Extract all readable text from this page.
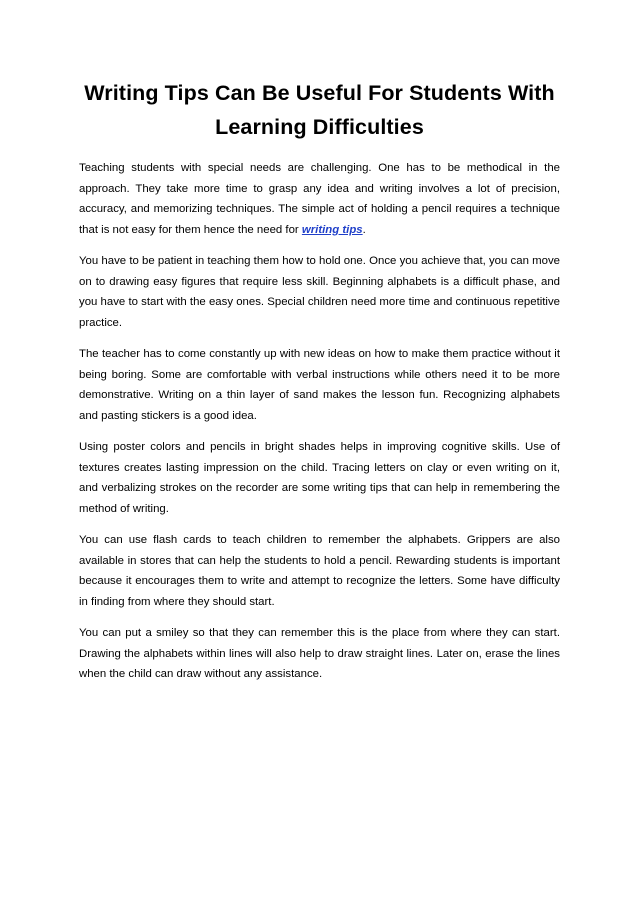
Writing Tips Can Be Useful For Students With Learning Difficulties

Teaching students with special needs are challenging. One has to be methodical in the approach. They take more time to grasp any idea and writing involves a lot of precision, accuracy, and memorizing techniques. The simple act of holding a pencil requires a technique that is not easy for them hence the need for writing tips.

You have to be patient in teaching them how to hold one. Once you achieve that, you can move on to drawing easy figures that require less skill. Beginning alphabets is a difficult phase, and you have to start with the easy ones. Special children need more time and continuous repetitive practice.

The teacher has to come constantly up with new ideas on how to make them practice without it being boring. Some are comfortable with verbal instructions while others need it to be more demonstrative. Writing on a thin layer of sand makes the lesson fun. Recognizing alphabets and pasting stickers is a good idea.

Using poster colors and pencils in bright shades helps in improving cognitive skills. Use of textures creates lasting impression on the child. Tracing letters on clay or even writing on it, and verbalizing strokes on the recorder are some writing tips that can help in remembering the method of writing.

You can use flash cards to teach children to remember the alphabets. Grippers are also available in stores that can help the students to hold a pencil. Rewarding students is important because it encourages them to write and attempt to recognize the letters. Some have difficulty in finding from where they should start.

You can put a smiley so that they can remember this is the place from where they can start. Drawing the alphabets within lines will also help to draw straight lines. Later on, erase the lines when the child can draw without any assistance.
